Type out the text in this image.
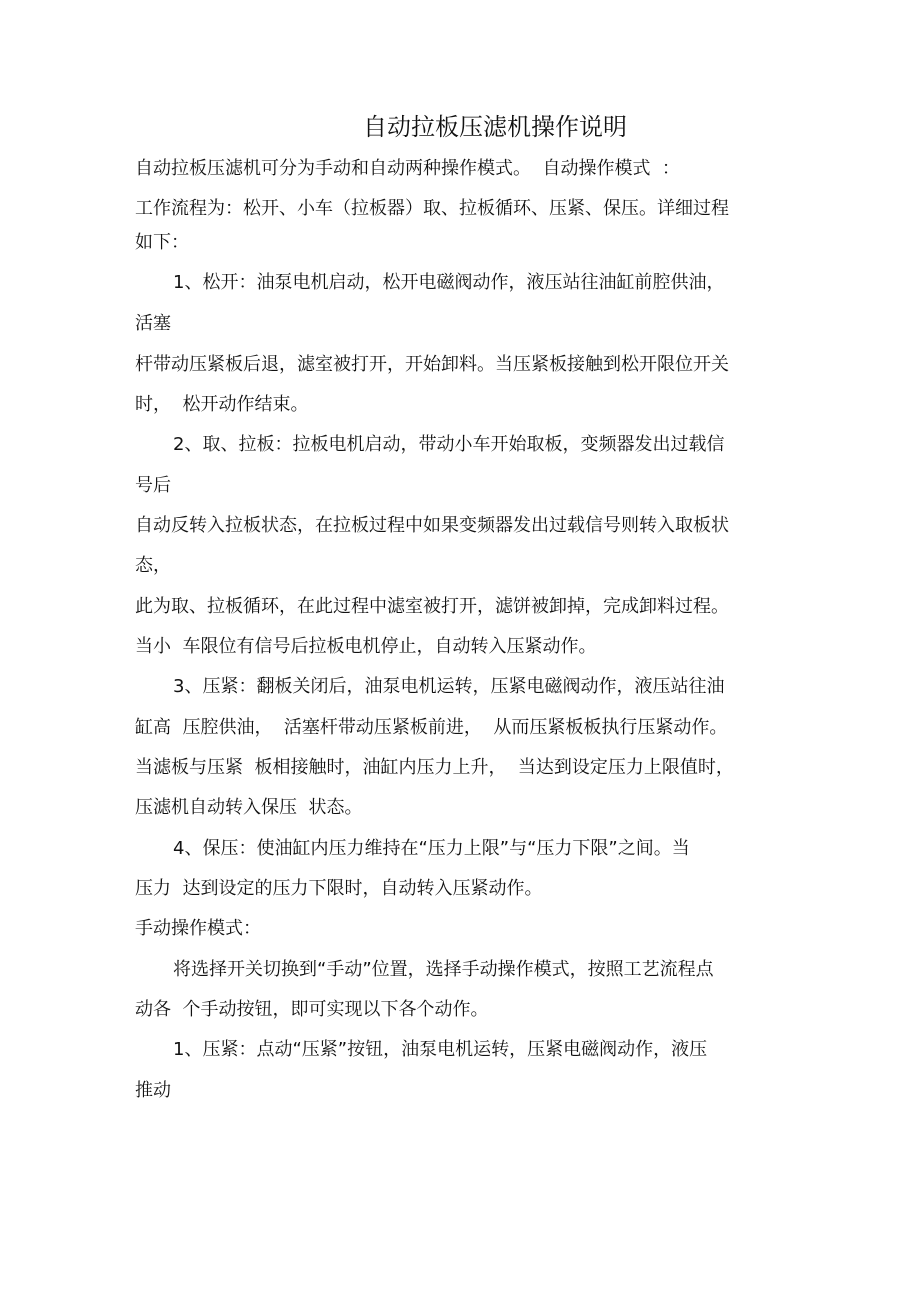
自动拉板压滤机操作说明
自动拉板压滤机可分为手动和自动两种操作模式。  自动操作模式  ：
工作流程为：松开、小车（拉板器）取、拉板循环、压紧、保压。详细过程
如下：
1、松开：油泵电机启动，松开电磁阀动作，液压站往油缸前腔供油，
活塞
杆带动压紧板后退，滤室被打开，开始卸料。当压紧板接触到松开限位开关
时，  松开动作结束。
2、取、拉板：拉板电机启动，带动小车开始取板，变频器发出过载信
号后
自动反转入拉板状态，在拉板过程中如果变频器发出过载信号则转入取板状
态，
此为取、拉板循环，在此过程中滤室被打开，滤饼被卸掉，完成卸料过程。
当小  车限位有信号后拉板电机停止，自动转入压紧动作。
3、压紧：翻板关闭后，油泵电机运转，压紧电磁阀动作，液压站往油
缸高  压腔供油，  活塞杆带动压紧板前进，  从而压紧板板执行压紧动作。
当滤板与压紧  板相接触时，油缸内压力上升，  当达到设定压力上限值时，
压滤机自动转入保压  状态。
4、保压：使油缸内压力维持在“压力上限”与“压力下限”之间。当
压力  达到设定的压力下限时，自动转入压紧动作。
手动操作模式：
将选择开关切换到“手动”位置，选择手动操作模式，按照工艺流程点
动各  个手动按钮，即可实现以下各个动作。
1、压紧：点动“压紧”按钮，油泵电机运转，压紧电磁阀动作，液压
推动
